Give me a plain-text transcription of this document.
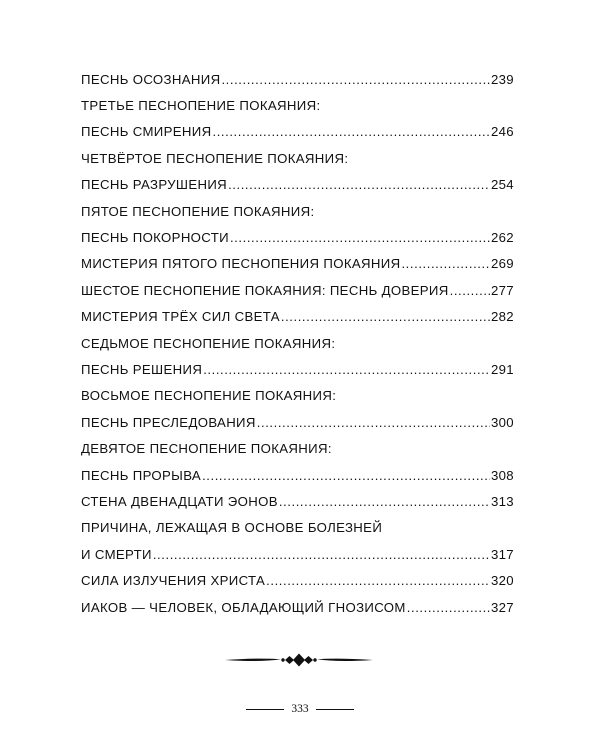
ПЕСНЬ ОСОЗНАНИЯ .....	239
ТРЕТЬЕ ПЕСНОПЕНИЕ ПОКАЯНИЯ:
ПЕСНЬ СМИРЕНИЯ .....	246
ЧЕТВЁРТОЕ ПЕСНОПЕНИЕ ПОКАЯНИЯ:
ПЕСНЬ РАЗРУШЕНИЯ .....	254
ПЯТОЕ ПЕСНОПЕНИЕ ПОКАЯНИЯ:
ПЕСНЬ ПОКОРНОСТИ .....	262
МИСТЕРИЯ ПЯТОГО ПЕСНОПЕНИЯ ПОКАЯНИЯ .....	269
ШЕСТОЕ ПЕСНОПЕНИЕ ПОКАЯНИЯ: ПЕСНЬ ДОВЕРИЯ .....	277
МИСТЕРИЯ ТРЁХ СИЛ СВЕТА .....	282
СЕДЬМОЕ ПЕСНОПЕНИЕ ПОКАЯНИЯ:
ПЕСНЬ РЕШЕНИЯ .....	291
ВОСЬМОЕ ПЕСНОПЕНИЕ ПОКАЯНИЯ:
ПЕСНЬ ПРЕСЛЕДОВАНИЯ .....	300
ДЕВЯТОЕ ПЕСНОПЕНИЕ ПОКАЯНИЯ:
ПЕСНЬ ПРОРЫВА .....	308
СТЕНА ДВЕНАДЦАТИ ЭОНОВ .....	313
ПРИЧИНА, ЛЕЖАЩАЯ В ОСНОВЕ БОЛЕЗНЕЙ
И СМЕРТИ .....	317
СИЛА ИЗЛУЧЕНИЯ ХРИСТА .....	320
ИАКОВ — ЧЕЛОВЕК, ОБЛАДАЮЩИЙ ГНОЗИСОМ .....	327
333
